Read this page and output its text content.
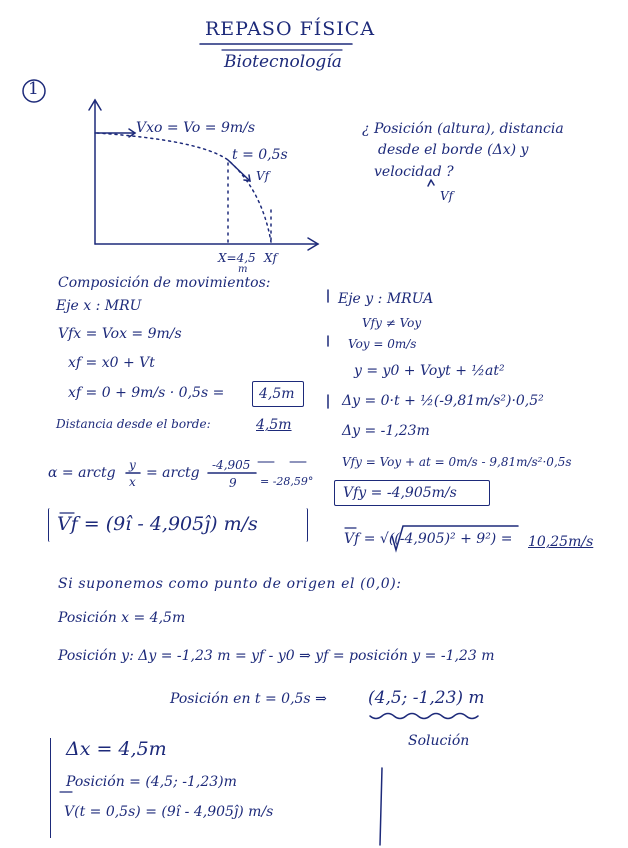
REPASO FÍSICA
Biotecnología
1
Vxo = Vo = 9m/s
t = 0,5s
Vf
X=4,5
m
Xf
¿ Posición (altura), distancia
desde el borde (Δx) y
velocidad ?
Vf
Composición de movimientos:
Eje x : MRU
Vfx = Vox = 9m/s
xf = x0 + Vt
xf = 0 + 9m/s · 0,5s = 4,5m
Distancia desde el borde:	4,5m
Eje y : MRUA
Vfy ≠ Voy
Voy = 0m/s
y = y0 + Voyt + ½at²
Δy = 0·t + ½(-9,81m/s²)·0,5²
Δy = -1,23m
Vfy = Voy + at = 0m/s - 9,81m/s²·0,5s
Vfy = -4,905m/s
Vf = √((-4,905)² + 9²) = 10,25m/s
α = arctg y
x
= arctg -4,905
9 = -28,59°
Vf = (9î - 4,905ĵ) m/s
Si suponemos como punto de origen el (0,0):
Posición x = 4,5m
Posición y: Δy = -1,23 m = yf - y0 ⇒ yf = posición y = -1,23 m
Posición en t = 0,5s ⇒ (4,5; -1,23) m
Solución
Δx = 4,5m
Posición = (4,5; -1,23)m
V(t = 0,5s) = (9î - 4,905ĵ) m/s
